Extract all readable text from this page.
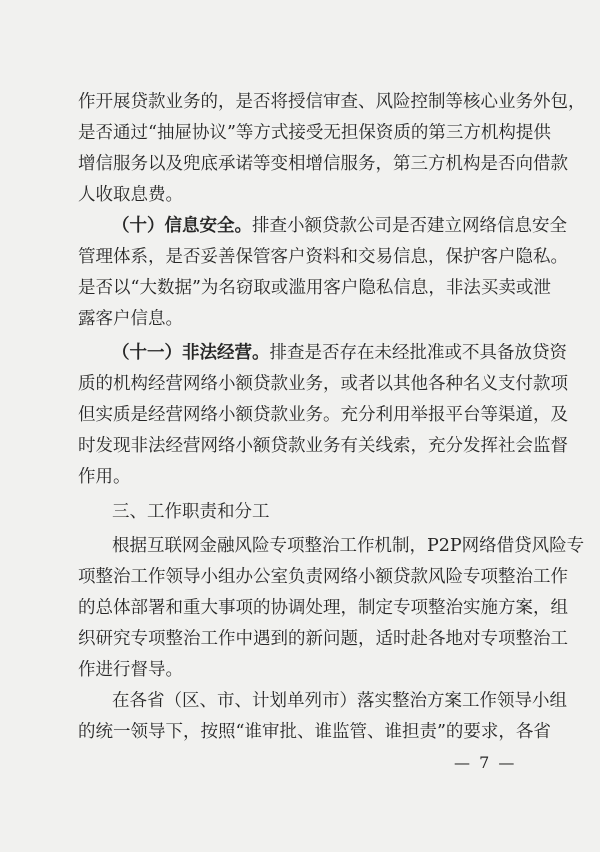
作开展贷款业务的，是否将授信审查、风险控制等核心业务外包，
是否通过“抽屉协议”等方式接受无担保资质的第三方机构提供
增信服务以及兜底承诺等变相增信服务，第三方机构是否向借款
人收取息费。
（十）信息安全。排查小额贷款公司是否建立网络信息安全
管理体系，是否妥善保管客户资料和交易信息，保护客户隐私。
是否以“大数据”为名窃取或滥用客户隐私信息，非法买卖或泄
露客户信息。
（十一）非法经营。排查是否存在未经批准或不具备放贷资
质的机构经营网络小额贷款业务，或者以其他各种名义支付款项
但实质是经营网络小额贷款业务。充分利用举报平台等渠道，及
时发现非法经营网络小额贷款业务有关线索，充分发挥社会监督
作用。
三、工作职责和分工
根据互联网金融风险专项整治工作机制，P2P网络借贷风险专
项整治工作领导小组办公室负责网络小额贷款风险专项整治工作
的总体部署和重大事项的协调处理，制定专项整治实施方案，组
织研究专项整治工作中遇到的新问题，适时赴各地对专项整治工
作进行督导。
在各省（区、市、计划单列市）落实整治方案工作领导小组
的统一领导下，按照“谁审批、谁监管、谁担责”的要求，各省
— 7 —
